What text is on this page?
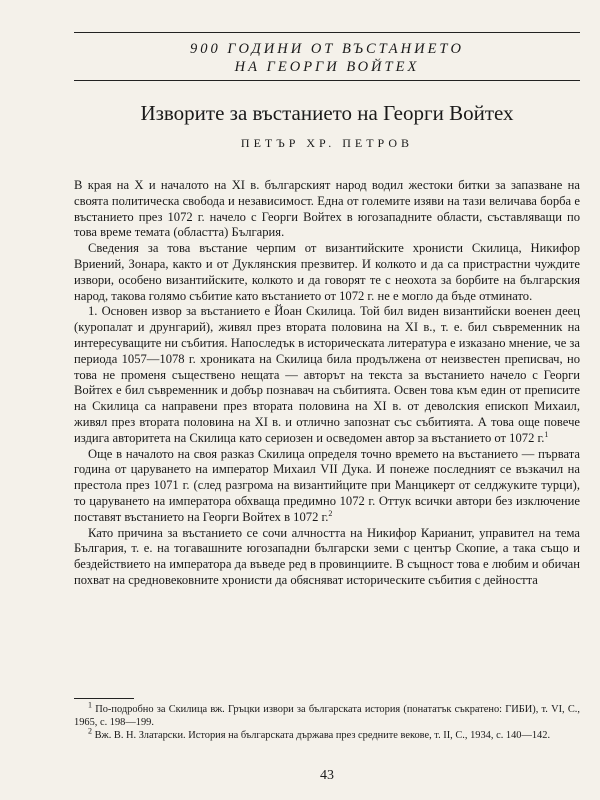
900 ГОДИНИ ОТ ВЪСТАНИЕТО
НА ГЕОРГИ ВОЙТЕХ
Изворите за въстанието на Георги Войтех
ПЕТЪР ХР. ПЕТРОВ

В края на X и началото на XI в. българският народ водил жестоки битки за запазване на своята политическа свобода и независимост. Една от големите изяви на тази величава борба е въстанието през 1072 г. начело с Георги Войтех в югозападните области, съставляващи по това време темата (областта) България.

Сведения за това въстание черпим от византийските хронисти Скилица, Никифор Вриений, Зонара, както и от Дуклянския презвитер. И колкото и да са пристрастни чуждите извори, особено византийските, колкото и да говорят те с неохота за борбите на българския народ, такова голямо събитие като въстанието от 1072 г. не е могло да бъде отминато.

1. Основен извор за въстанието е Йоан Скилица. Той бил виден византийски военен деец (куропалат и друнгарий), живял през втората половина на XI в., т. е. бил съвременник на интересуващите ни събития. Напоследък в историческата литература е изказано мнение, че за периода 1057—1078 г. хрониката на Скилица била продължена от неизвестен преписвач, но това не променя съществено нещата — авторът на текста за въстанието начело с Георги Войтех е бил съвременник и добър познавач на събитията. Освен това към един от преписите на Скилица са направени през втората половина на XI в. от деволския епископ Михаил, живял през втората половина на XI в. и отлично запознат със събитията. А това още повече издига авторитета на Скилица като сериозен и осведомен автор за въстанието от 1072 г.$^1$

Още в началото на своя разказ Скилица определя точно времето на въстанието — първата година от царуването на император Михаил VII Дука. И понеже последният се възкачил на престола през 1071 г. (след разгрома на византийците при Манцикерт от селджуките турци), то царуването на императора обхваща предимно 1072 г. Оттук всички автори без изключение поставят въстанието на Георги Войтех в 1072 г.$^2$

Като причина за въстанието се сочи алчността на Никифор Карианит, управител на тема България, т. е. на тогавашните югозападни български земи с център Скопие, а така също и бездействието на императора да въведе ред в провинциите. В същност това е любим и обичан похват на средновековните хронисти да обясняват историческите събития с дейността

$^1$ По-подробно за Скилица вж. Гръцки извори за българската история (понататък съкратено: ГИБИ), т. VI, С., 1965, с. 198—199.

$^2$ Вж. В. Н. Златарски. История на българската държава през средните векове, т. II, С., 1934, с. 140—142.

43
